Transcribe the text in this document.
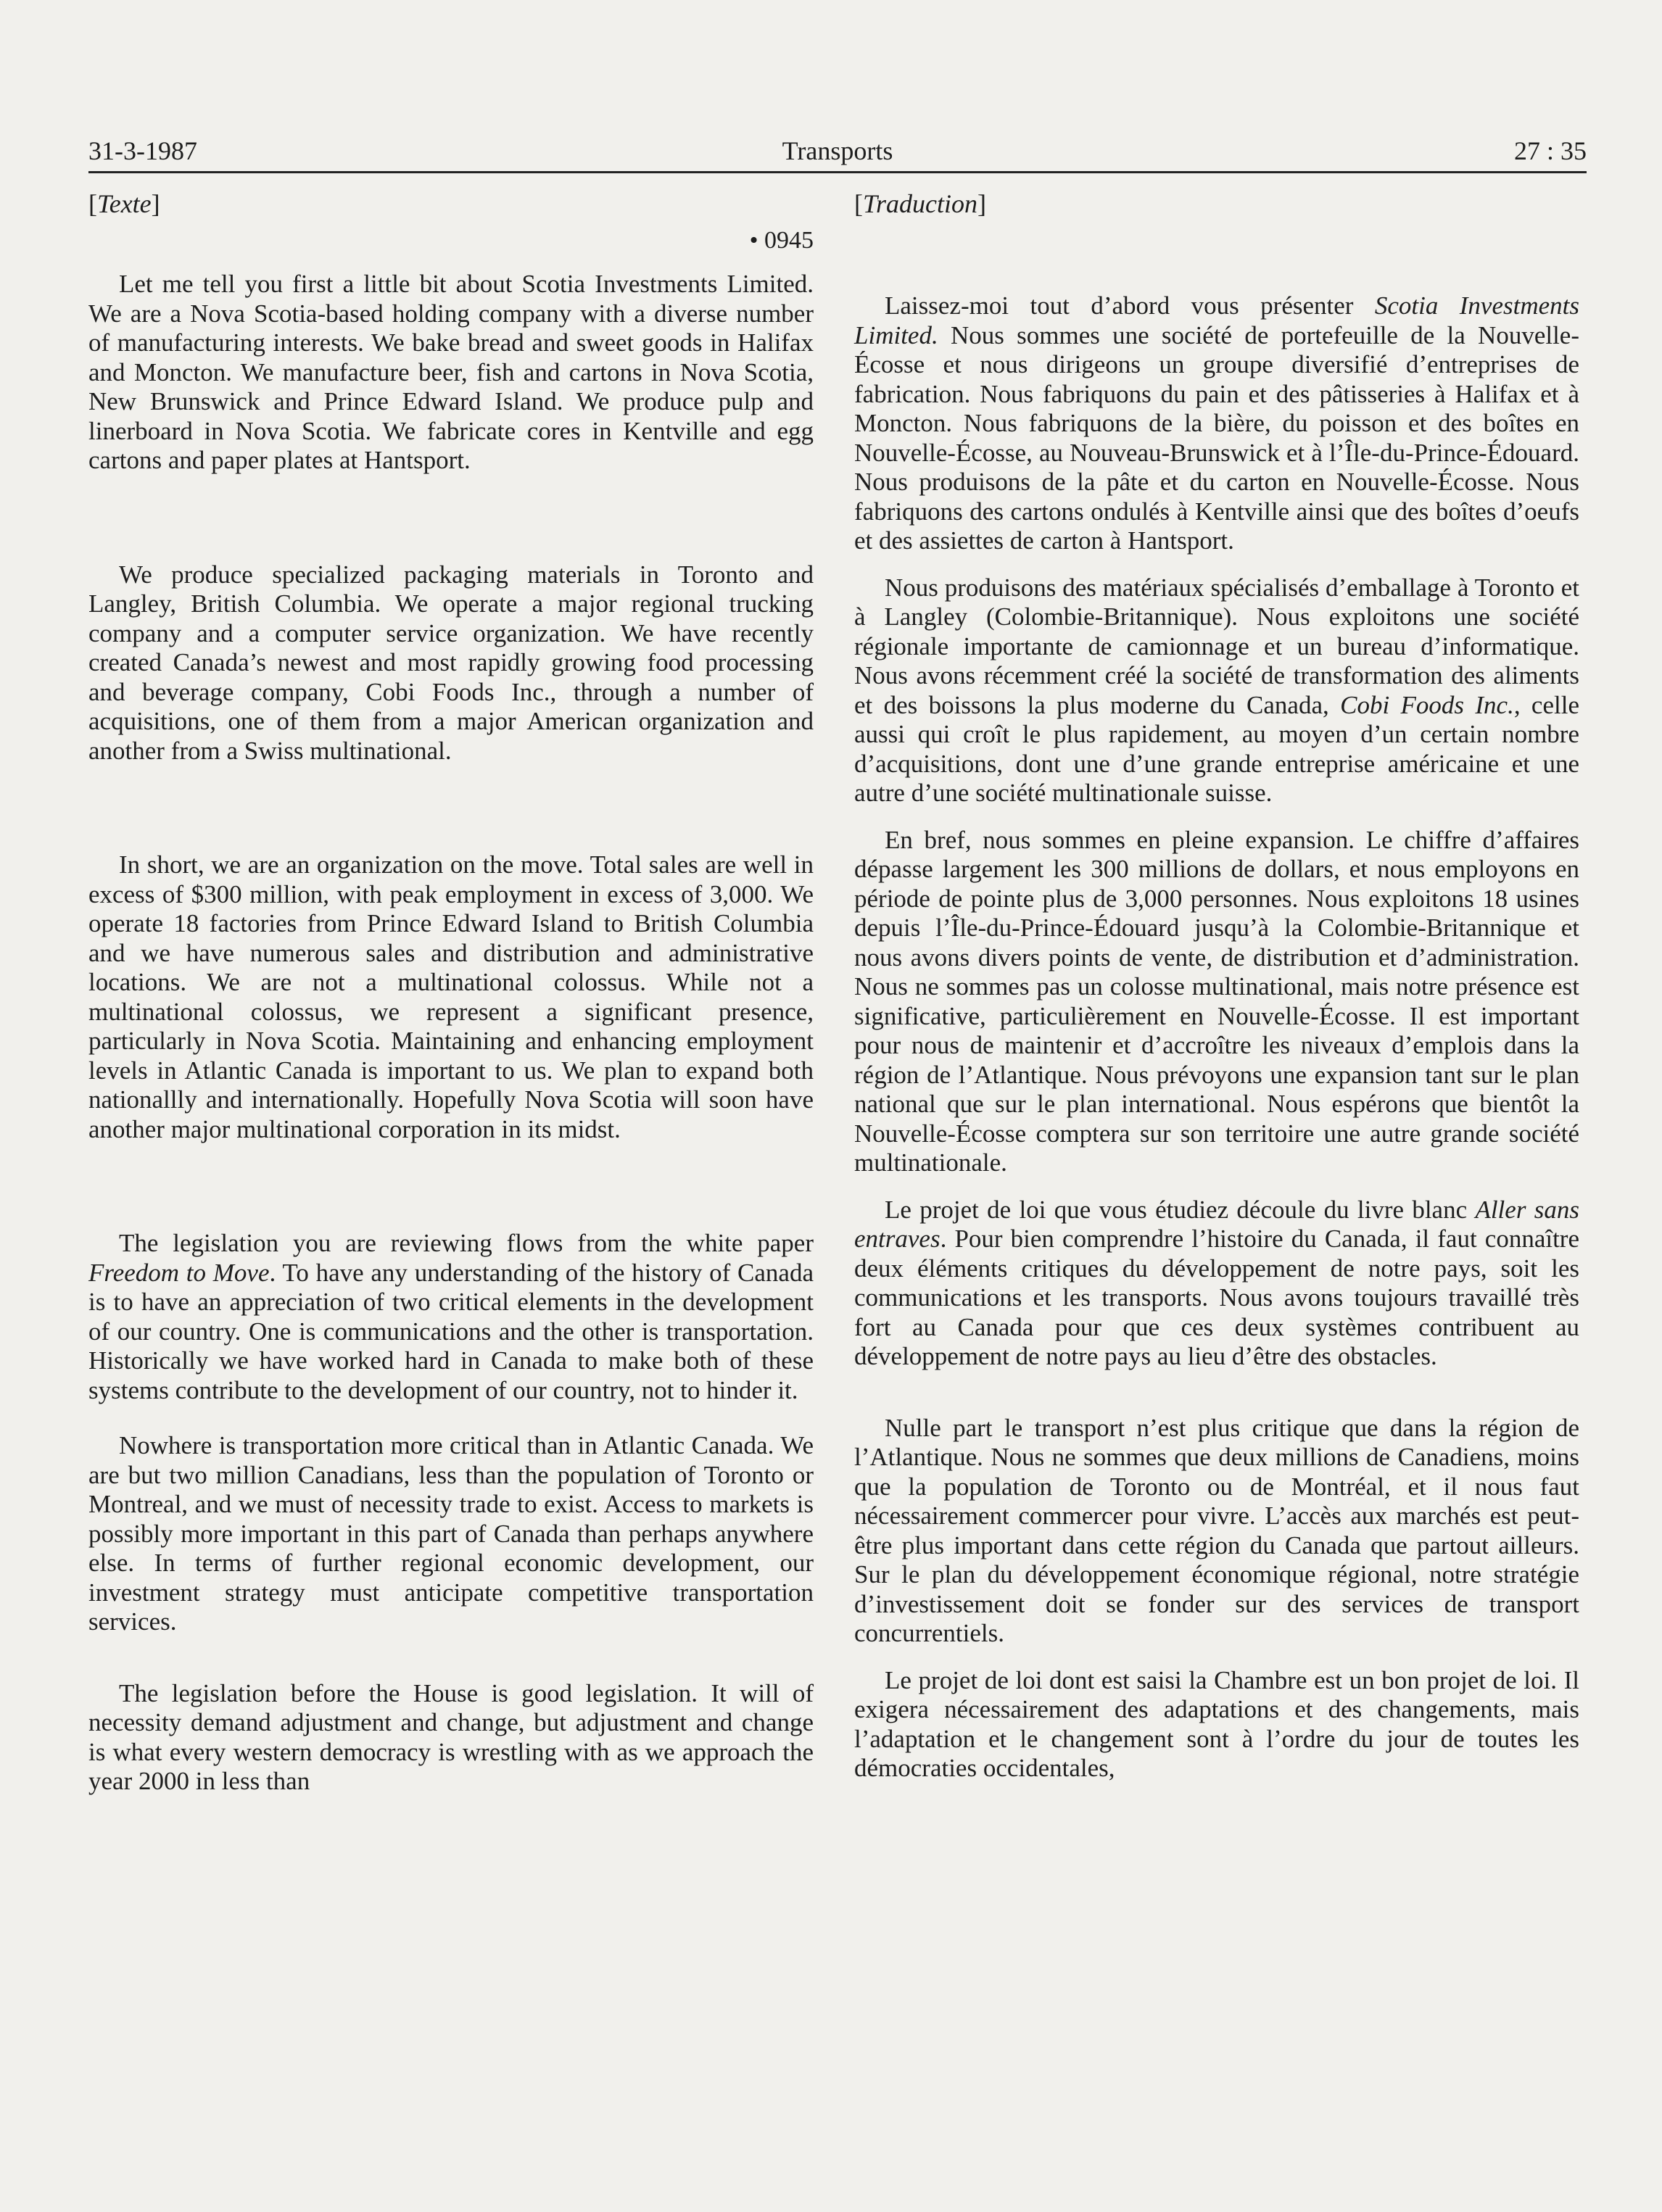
31-3-1987	Transports	27 : 35
[Texte]
• 0945

Let me tell you first a little bit about Scotia Investments Limited. We are a Nova Scotia-based holding company with a diverse number of manufacturing interests. We bake bread and sweet goods in Halifax and Moncton. We manufacture beer, fish and cartons in Nova Scotia, New Brunswick and Prince Edward Island. We produce pulp and linerboard in Nova Scotia. We fabricate cores in Kentville and egg cartons and paper plates at Hantsport.

We produce specialized packaging materials in Toronto and Langley, British Columbia. We operate a major regional trucking company and a computer service organization. We have recently created Canada’s newest and most rapidly growing food processing and beverage company, Cobi Foods Inc., through a number of acquisitions, one of them from a major American organization and another from a Swiss multinational.

In short, we are an organization on the move. Total sales are well in excess of $300 million, with peak employment in excess of 3,000. We operate 18 factories from Prince Edward Island to British Columbia and we have numerous sales and distribution and administrative locations. We are not a multinational colossus. While not a multinational colossus, we represent a significant presence, particularly in Nova Scotia. Maintaining and enhancing employment levels in Atlantic Canada is important to us. We plan to expand both nationallly and internationally. Hopefully Nova Scotia will soon have another major multinational corporation in its midst.

The legislation you are reviewing flows from the white paper Freedom to Move. To have any understanding of the history of Canada is to have an appreciation of two critical elements in the development of our country. One is communications and the other is transportation. Historically we have worked hard in Canada to make both of these systems contribute to the development of our country, not to hinder it.

Nowhere is transportation more critical than in Atlantic Canada. We are but two million Canadians, less than the population of Toronto or Montreal, and we must of necessity trade to exist. Access to markets is possibly more important in this part of Canada than perhaps anywhere else. In terms of further regional economic development, our investment strategy must anticipate competitive transportation services.

The legislation before the House is good legislation. It will of necessity demand adjustment and change, but adjustment and change is what every western democracy is wrestling with as we approach the year 2000 in less than

[Traduction]

Laissez-moi tout d’abord vous présenter Scotia Investments Limited. Nous sommes une société de portefeuille de la Nouvelle-Écosse et nous dirigeons un groupe diversifié d’entreprises de fabrication. Nous fabriquons du pain et des pâtisseries à Halifax et à Moncton. Nous fabriquons de la bière, du poisson et des boîtes en Nouvelle-Écosse, au Nouveau-Brunswick et à l’Île-du-Prince-Édouard. Nous produisons de la pâte et du carton en Nouvelle-Écosse. Nous fabriquons des cartons ondulés à Kentville ainsi que des boîtes d’oeufs et des assiettes de carton à Hantsport.

Nous produisons des matériaux spécialisés d’emballage à Toronto et à Langley (Colombie-Britannique). Nous exploitons une société régionale importante de camionnage et un bureau d’informatique. Nous avons récemment créé la société de transformation des aliments et des boissons la plus moderne du Canada, Cobi Foods Inc., celle aussi qui croît le plus rapidement, au moyen d’un certain nombre d’acquisitions, dont une d’une grande entreprise américaine et une autre d’une société multinationale suisse.

En bref, nous sommes en pleine expansion. Le chiffre d’affaires dépasse largement les 300 millions de dollars, et nous employons en période de pointe plus de 3,000 personnes. Nous exploitons 18 usines depuis l’Île-du-Prince-Édouard jusqu’à la Colombie-Britannique et nous avons divers points de vente, de distribution et d’administration. Nous ne sommes pas un colosse multinational, mais notre présence est significative, particulièrement en Nouvelle-Écosse. Il est important pour nous de maintenir et d’accroître les niveaux d’emplois dans la région de l’Atlantique. Nous prévoyons une expansion tant sur le plan national que sur le plan international. Nous espérons que bientôt la Nouvelle-Écosse comptera sur son territoire une autre grande société multinationale.

Le projet de loi que vous étudiez découle du livre blanc Aller sans entraves. Pour bien comprendre l’histoire du Canada, il faut connaître deux éléments critiques du développement de notre pays, soit les communications et les transports. Nous avons toujours travaillé très fort au Canada pour que ces deux systèmes contribuent au développement de notre pays au lieu d’être des obstacles.

Nulle part le transport n’est plus critique que dans la région de l’Atlantique. Nous ne sommes que deux millions de Canadiens, moins que la population de Toronto ou de Montréal, et il nous faut nécessairement commercer pour vivre. L’accès aux marchés est peut-être plus important dans cette région du Canada que partout ailleurs. Sur le plan du développement économique régional, notre stratégie d’investissement doit se fonder sur des services de transport concurrentiels.

Le projet de loi dont est saisi la Chambre est un bon projet de loi. Il exigera nécessairement des adaptations et des changements, mais l’adaptation et le changement sont à l’ordre du jour de toutes les démocraties occidentales,
